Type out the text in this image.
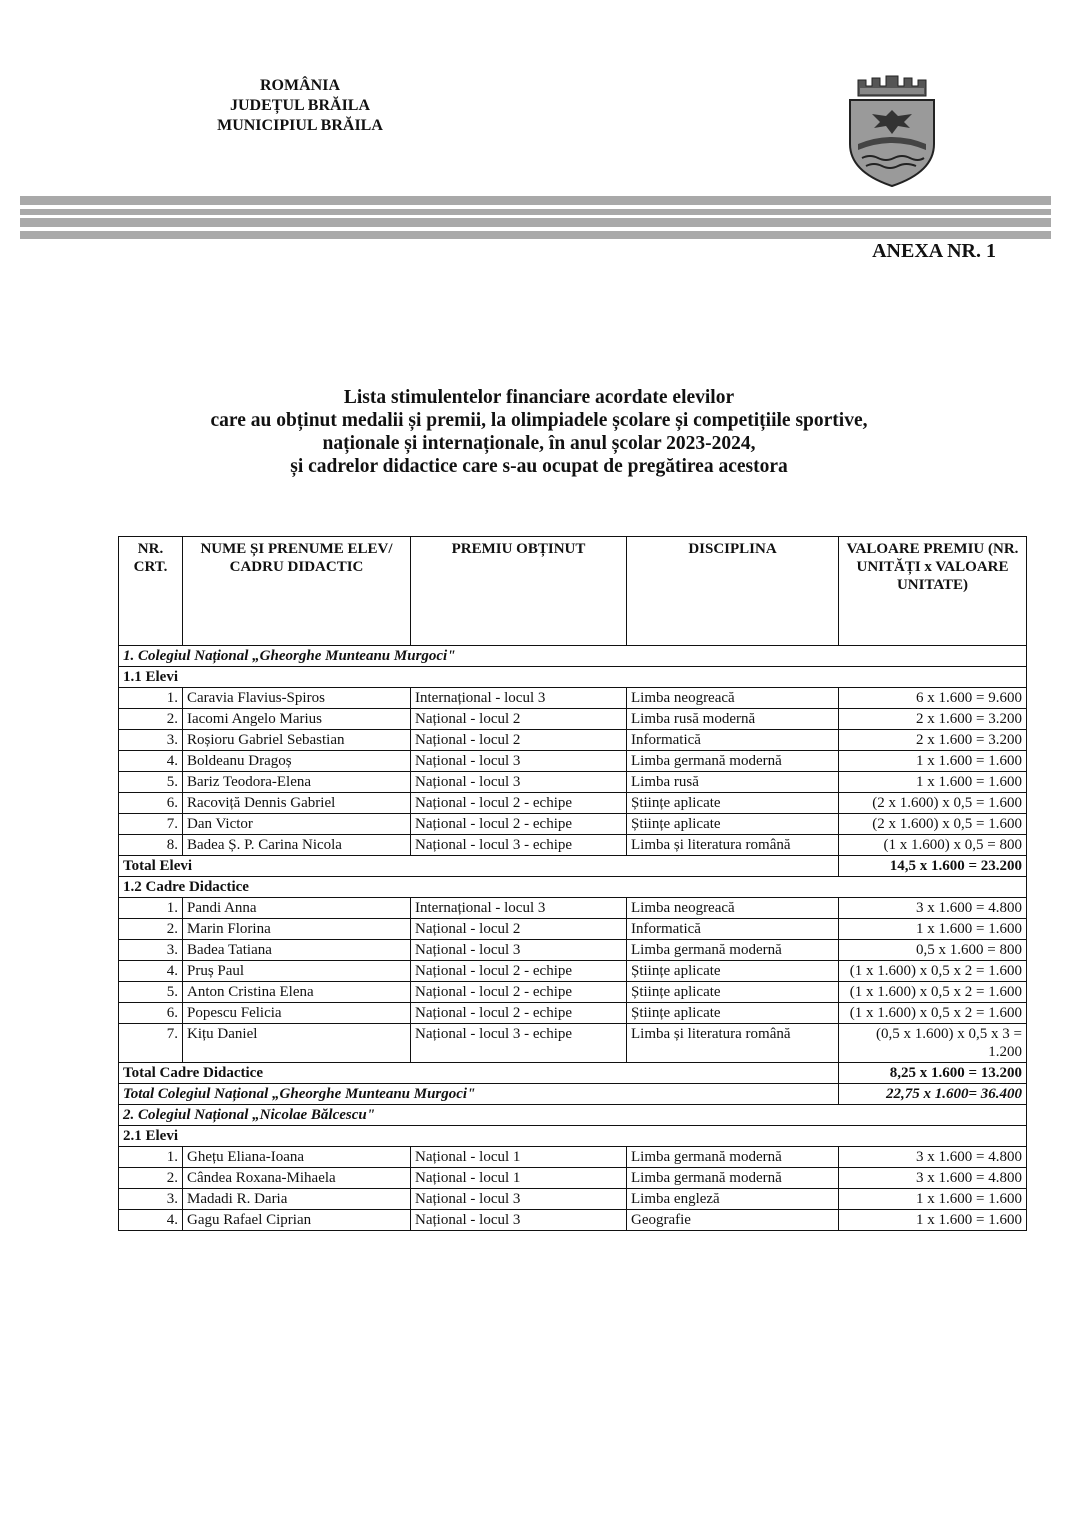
ROMÂNIA
JUDEȚUL BRĂILA
MUNICIPIUL BRĂILA
ANEXA NR. 1
Lista stimulentelor financiare acordate elevilor
care au obținut medalii și premii, la olimpiadele școlare și competițiile sportive,
naționale și internaționale, în anul școlar 2023-2024,
și cadrelor didactice care s-au ocupat de pregătirea acestora
NR. CRT.	NUME ȘI PRENUME ELEV/ CADRU DIDACTIC	PREMIU OBȚINUT	DISCIPLINA	VALOARE PREMIU (NR. UNITĂȚI x VALOARE UNITATE)
1. Colegiul Național „Gheorghe Munteanu Murgoci"				
1.1 Elevi				
1.	Caravia Flavius-Spiros	Internațional - locul 3	Limba neogreacă	6 x 1.600 = 9.600
2.	Iacomi Angelo Marius	Național - locul 2	Limba rusă modernă	2 x 1.600 = 3.200
3.	Roșioru Gabriel Sebastian	Național - locul 2	Informatică	2 x 1.600 = 3.200
4.	Boldeanu Dragoș	Național - locul 3	Limba germană modernă	1 x 1.600 = 1.600
5.	Bariz Teodora-Elena	Național - locul 3	Limba rusă	1 x 1.600 = 1.600
6.	Racoviță Dennis Gabriel	Național - locul 2 - echipe	Științe aplicate	(2 x 1.600) x 0,5 = 1.600
7.	Dan Victor	Național - locul 2 - echipe	Științe aplicate	(2 x 1.600) x 0,5 = 1.600
8.	Badea Ș. P. Carina Nicola	Național - locul 3 - echipe	Limba și literatura română	(1 x 1.600) x 0,5 = 800
Total Elevi				14,5 x 1.600 = 23.200
1.2 Cadre Didactice				
1.	Pandi Anna	Internațional - locul 3	Limba neogreacă	3 x 1.600 = 4.800
2.	Marin Florina	Național - locul 2	Informatică	1 x 1.600 = 1.600
3.	Badea Tatiana	Național - locul 3	Limba germană modernă	0,5 x 1.600 = 800
4.	Pruș Paul	Național - locul 2 - echipe	Științe aplicate	(1 x 1.600) x 0,5 x 2 = 1.600
5.	Anton Cristina Elena	Național - locul 2 - echipe	Științe aplicate	(1 x 1.600) x 0,5 x 2 = 1.600
6.	Popescu Felicia	Național - locul 2 - echipe	Științe aplicate	(1 x 1.600) x 0,5 x 2 = 1.600
7.	Kițu Daniel	Național - locul 3 - echipe	Limba și literatura română	(0,5 x 1.600) x 0,5 x 3 = 1.200
Total Cadre Didactice				8,25 x 1.600 = 13.200
Total Colegiul Național „Gheorghe Munteanu Murgoci"				22,75 x 1.600= 36.400
2. Colegiul Național „Nicolae Bălcescu"				
2.1 Elevi				
1.	Ghețu Eliana-Ioana	Național - locul 1	Limba germană modernă	3 x 1.600 = 4.800
2.	Cândea Roxana-Mihaela	Național - locul 1	Limba germană modernă	3 x 1.600 = 4.800
3.	Madadi R. Daria	Național - locul 3	Limba engleză	1 x 1.600 = 1.600
4.	Gagu Rafael Ciprian	Național - locul 3	Geografie	1 x 1.600 = 1.600
